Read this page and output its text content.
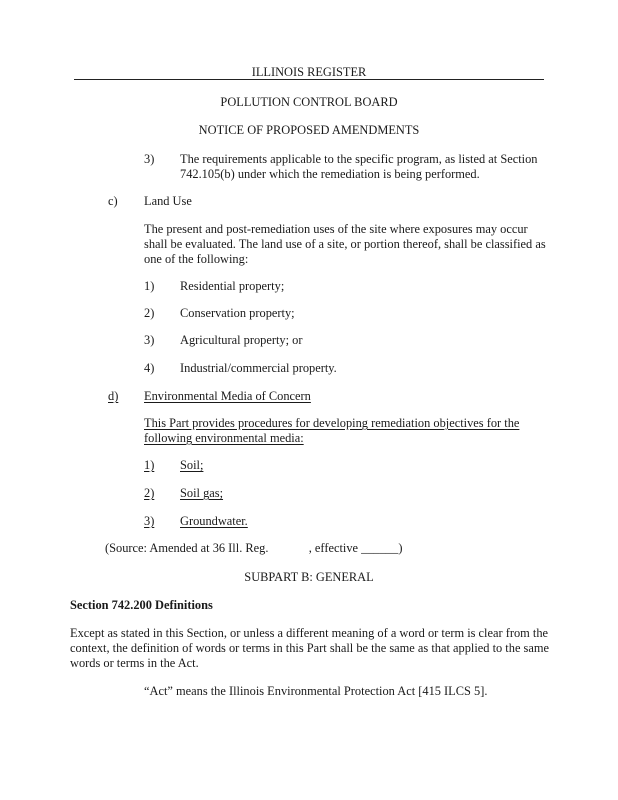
ILLINOIS REGISTER
POLLUTION CONTROL BOARD
NOTICE OF PROPOSED AMENDMENTS
3) The requirements applicable to the specific program, as listed at Section
742.105(b) under which the remediation is being performed.
c) Land Use
The present and post-remediation uses of the site where exposures may occur
shall be evaluated. The land use of a site, or portion thereof, shall be classified as
one of the following:
1) Residential property;
2) Conservation property;
3) Agricultural property; or
4) Industrial/commercial property.
d) Environmental Media of Concern
This Part provides procedures for developing remediation objectives for the
following environmental media:
1) Soil;
2) Soil gas;
3) Groundwater.
(Source: Amended at 36 Ill. Reg. ______, effective ______)
SUBPART B: GENERAL
Section 742.200 Definitions
Except as stated in this Section, or unless a different meaning of a word or term is clear from the
context, the definition of words or terms in this Part shall be the same as that applied to the same
words or terms in the Act.
“Act” means the Illinois Environmental Protection Act [415 ILCS 5].
